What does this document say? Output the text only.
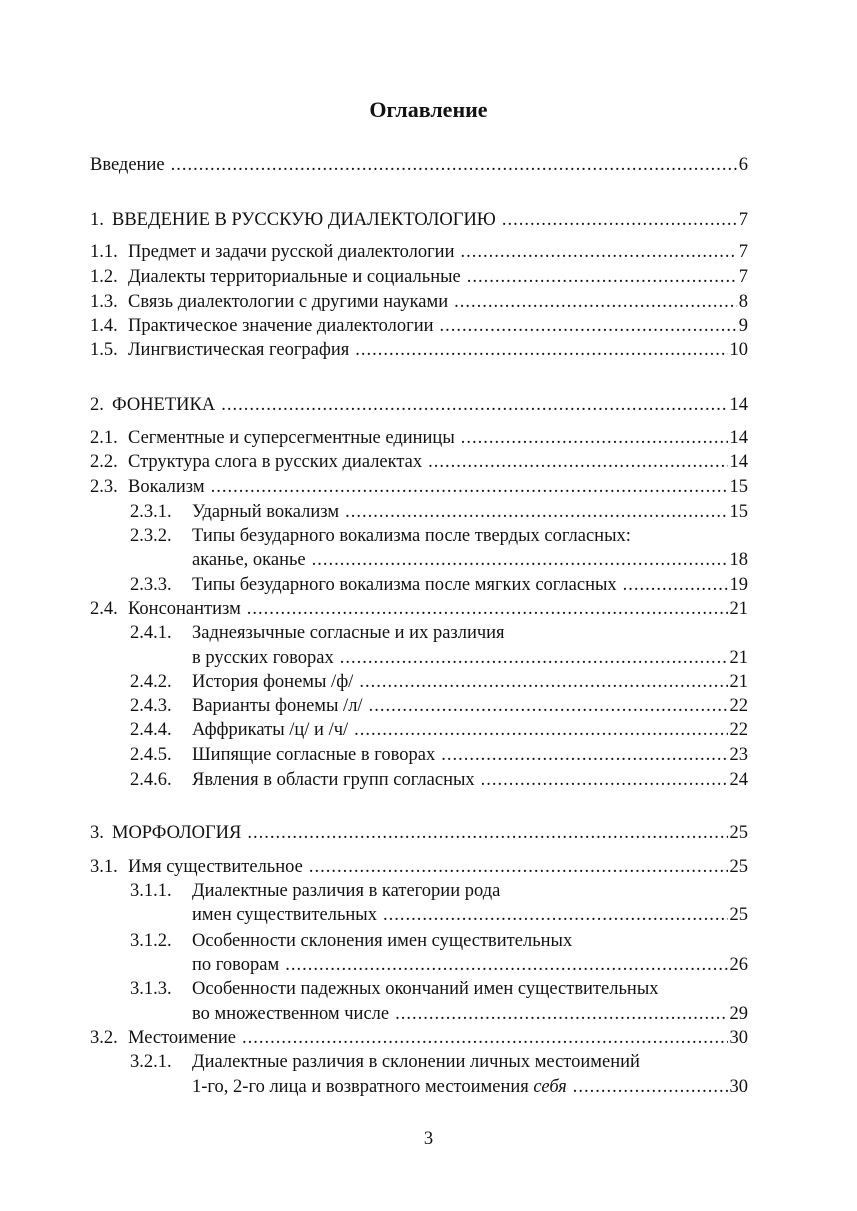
Оглавление
Введение .....	6
1. ВВЕДЕНИЕ В РУССКУЮ ДИАЛЕКТОЛОГИЮ .....	7
1.1. Предмет и задачи русской диалектологии .....	7
1.2. Диалекты территориальные и социальные .....	7
1.3. Связь диалектологии с другими науками .....	8
1.4. Практическое значение диалектологии .....	9
1.5. Лингвистическая география .....	10
2. ФОНЕТИКА .....	14
2.1. Сегментные и суперсегментные единицы .....	14
2.2. Структура слога в русских диалектах .....	14
2.3. Вокализм .....	15
2.3.1.	Ударный вокализм .....	15
2.3.2.	Типы безударного вокализма после твердых согласных:
аканье, оканье .....	18
2.3.3.	Типы безударного вокализма после мягких согласных .....	19
2.4. Консонантизм .....	21
2.4.1.	Заднеязычные согласные и их различия
в русских говорах .....	21
2.4.2.	История фонемы /ф/ .....	21
2.4.3.	Варианты фонемы /л/ .....	22
2.4.4.	Аффрикаты /ц/ и /ч/ .....	22
2.4.5.	Шипящие согласные в говорах .....	23
2.4.6.	Явления в области групп согласных .....	24
3. МОРФОЛОГИЯ .....	25
3.1. Имя существительное .....	25
3.1.1.	Диалектные различия в категории рода
имен существительных .....	25
3.1.2.	Особенности склонения имен существительных
по говорам .....	26
3.1.3.	Особенности падежных окончаний имен существительных
во множественном числе .....	29
3.2. Местоимение .....	30
3.2.1.	Диалектные различия в склонении личных местоимений
1-го, 2-го лица и возвратного местоимения себя .....	30
3
